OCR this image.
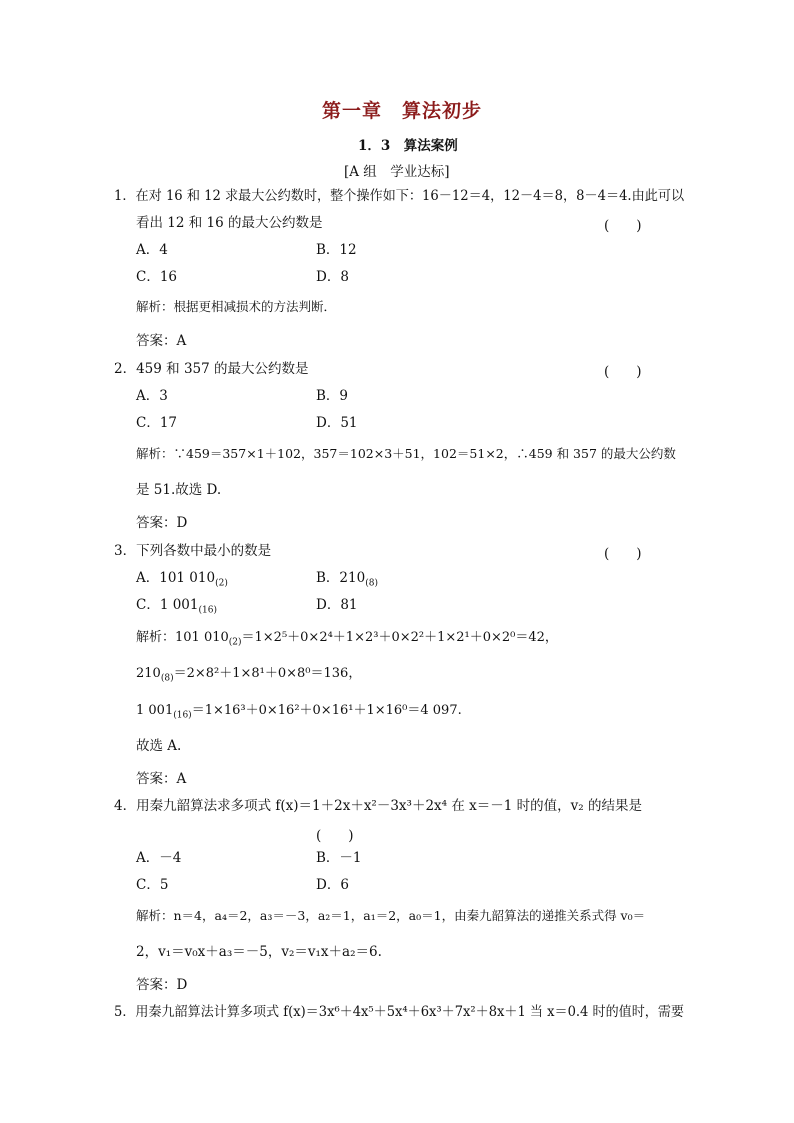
第一章　算法初步
1．3　算法案例
[A 组　学业达标]
1．在对 16 和 12 求最大公约数时，整个操作如下：16－12＝4，12－4＝8，8－4＝4.由此可以
看出 12 和 16 的最大公约数是	(　　)
A．4	B．12
C．16	D．8
解析：根据更相减损术的方法判断．
答案：A
2．459 和 357 的最大公约数是	(　　)
A．3	B．9
C．17	D．51
解析：∵459＝357×1＋102，357＝102×3＋51，102＝51×2，∴459 和 357 的最大公约数
是 51.故选 D.
答案：D
3．下列各数中最小的数是	(　　)
A．101 $010_{(2)}$	B．$210_{(8)}$
C．1 $001_{(16)}$	D．81
解析：101 $010_{(2)}=1\times 2^5+0\times 2^4+1\times 2^3+0\times 2^2+1\times 2^1+0\times 2^0=42$，
$210_{(8)}=2\times 8^2+1\times 8^1+0\times 8^0=136$，
1 $001_{(16)}=1\times 16^3+0\times 16^2+0\times 16^1+1\times 16^0=4$ 097.
故选 A.
答案：A
4．用秦九韶算法求多项式 f(x)＝1＋2x＋x²－3x³＋2x⁴ 在 x＝－1 时的值，v₂ 的结果是
(　　)
A．－4	B．－1
C．5	D．6
解析：n＝4，a₄＝2，a₃＝－3，a₂＝1，a₁＝2，a₀＝1，由秦九韶算法的递推关系式得 v₀＝
2，v₁＝v₀x＋a₃＝－5，v₂＝v₁x＋a₂＝6.
答案：D
5．用秦九韶算法计算多项式 f(x)＝3x⁶＋4x⁵＋5x⁴＋6x³＋7x²＋8x＋1 当 x＝0.4 时的值时，需要
